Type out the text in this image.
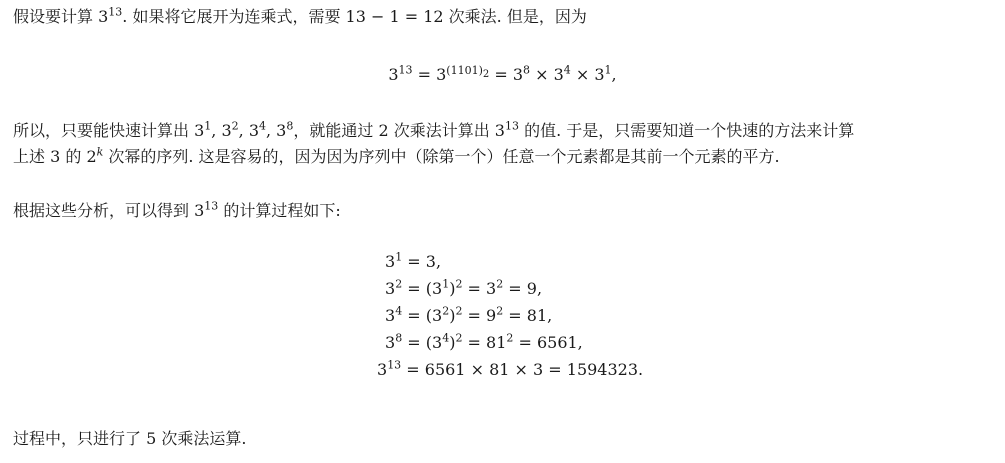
假设要计算 $3^{13}$. 如果将它展开为连乘式，需要 13 − 1 = 12 次乘法. 但是，因为
$3^{13} = 3^{(1101)_2} = 3^8 \times 3^4 \times 3^1$,
所以，只要能快速计算出 $3^1$, $3^2$, $3^4$, $3^8$，就能通过 2 次乘法计算出 $3^{13}$ 的值. 于是，只需要知道一个快速的方法来计算
上述 3 的 2$^k$ 次幂的序列. 这是容易的，因为因为序列中（除第一个）任意一个元素都是其前一个元素的平方.
根据这些分析，可以得到 $3^{13}$ 的计算过程如下:
$3^1 = 3$,
$3^2 = (3^1)^2 = 3^2 = 9$,
$3^4 = (3^2)^2 = 9^2 = 81$,
$3^8 = (3^4)^2 = 81^2 = 6561$,
$3^{13} = 6561 \times 81 \times 3 = 1594323$.
过程中，只进行了 5 次乘法运算.
